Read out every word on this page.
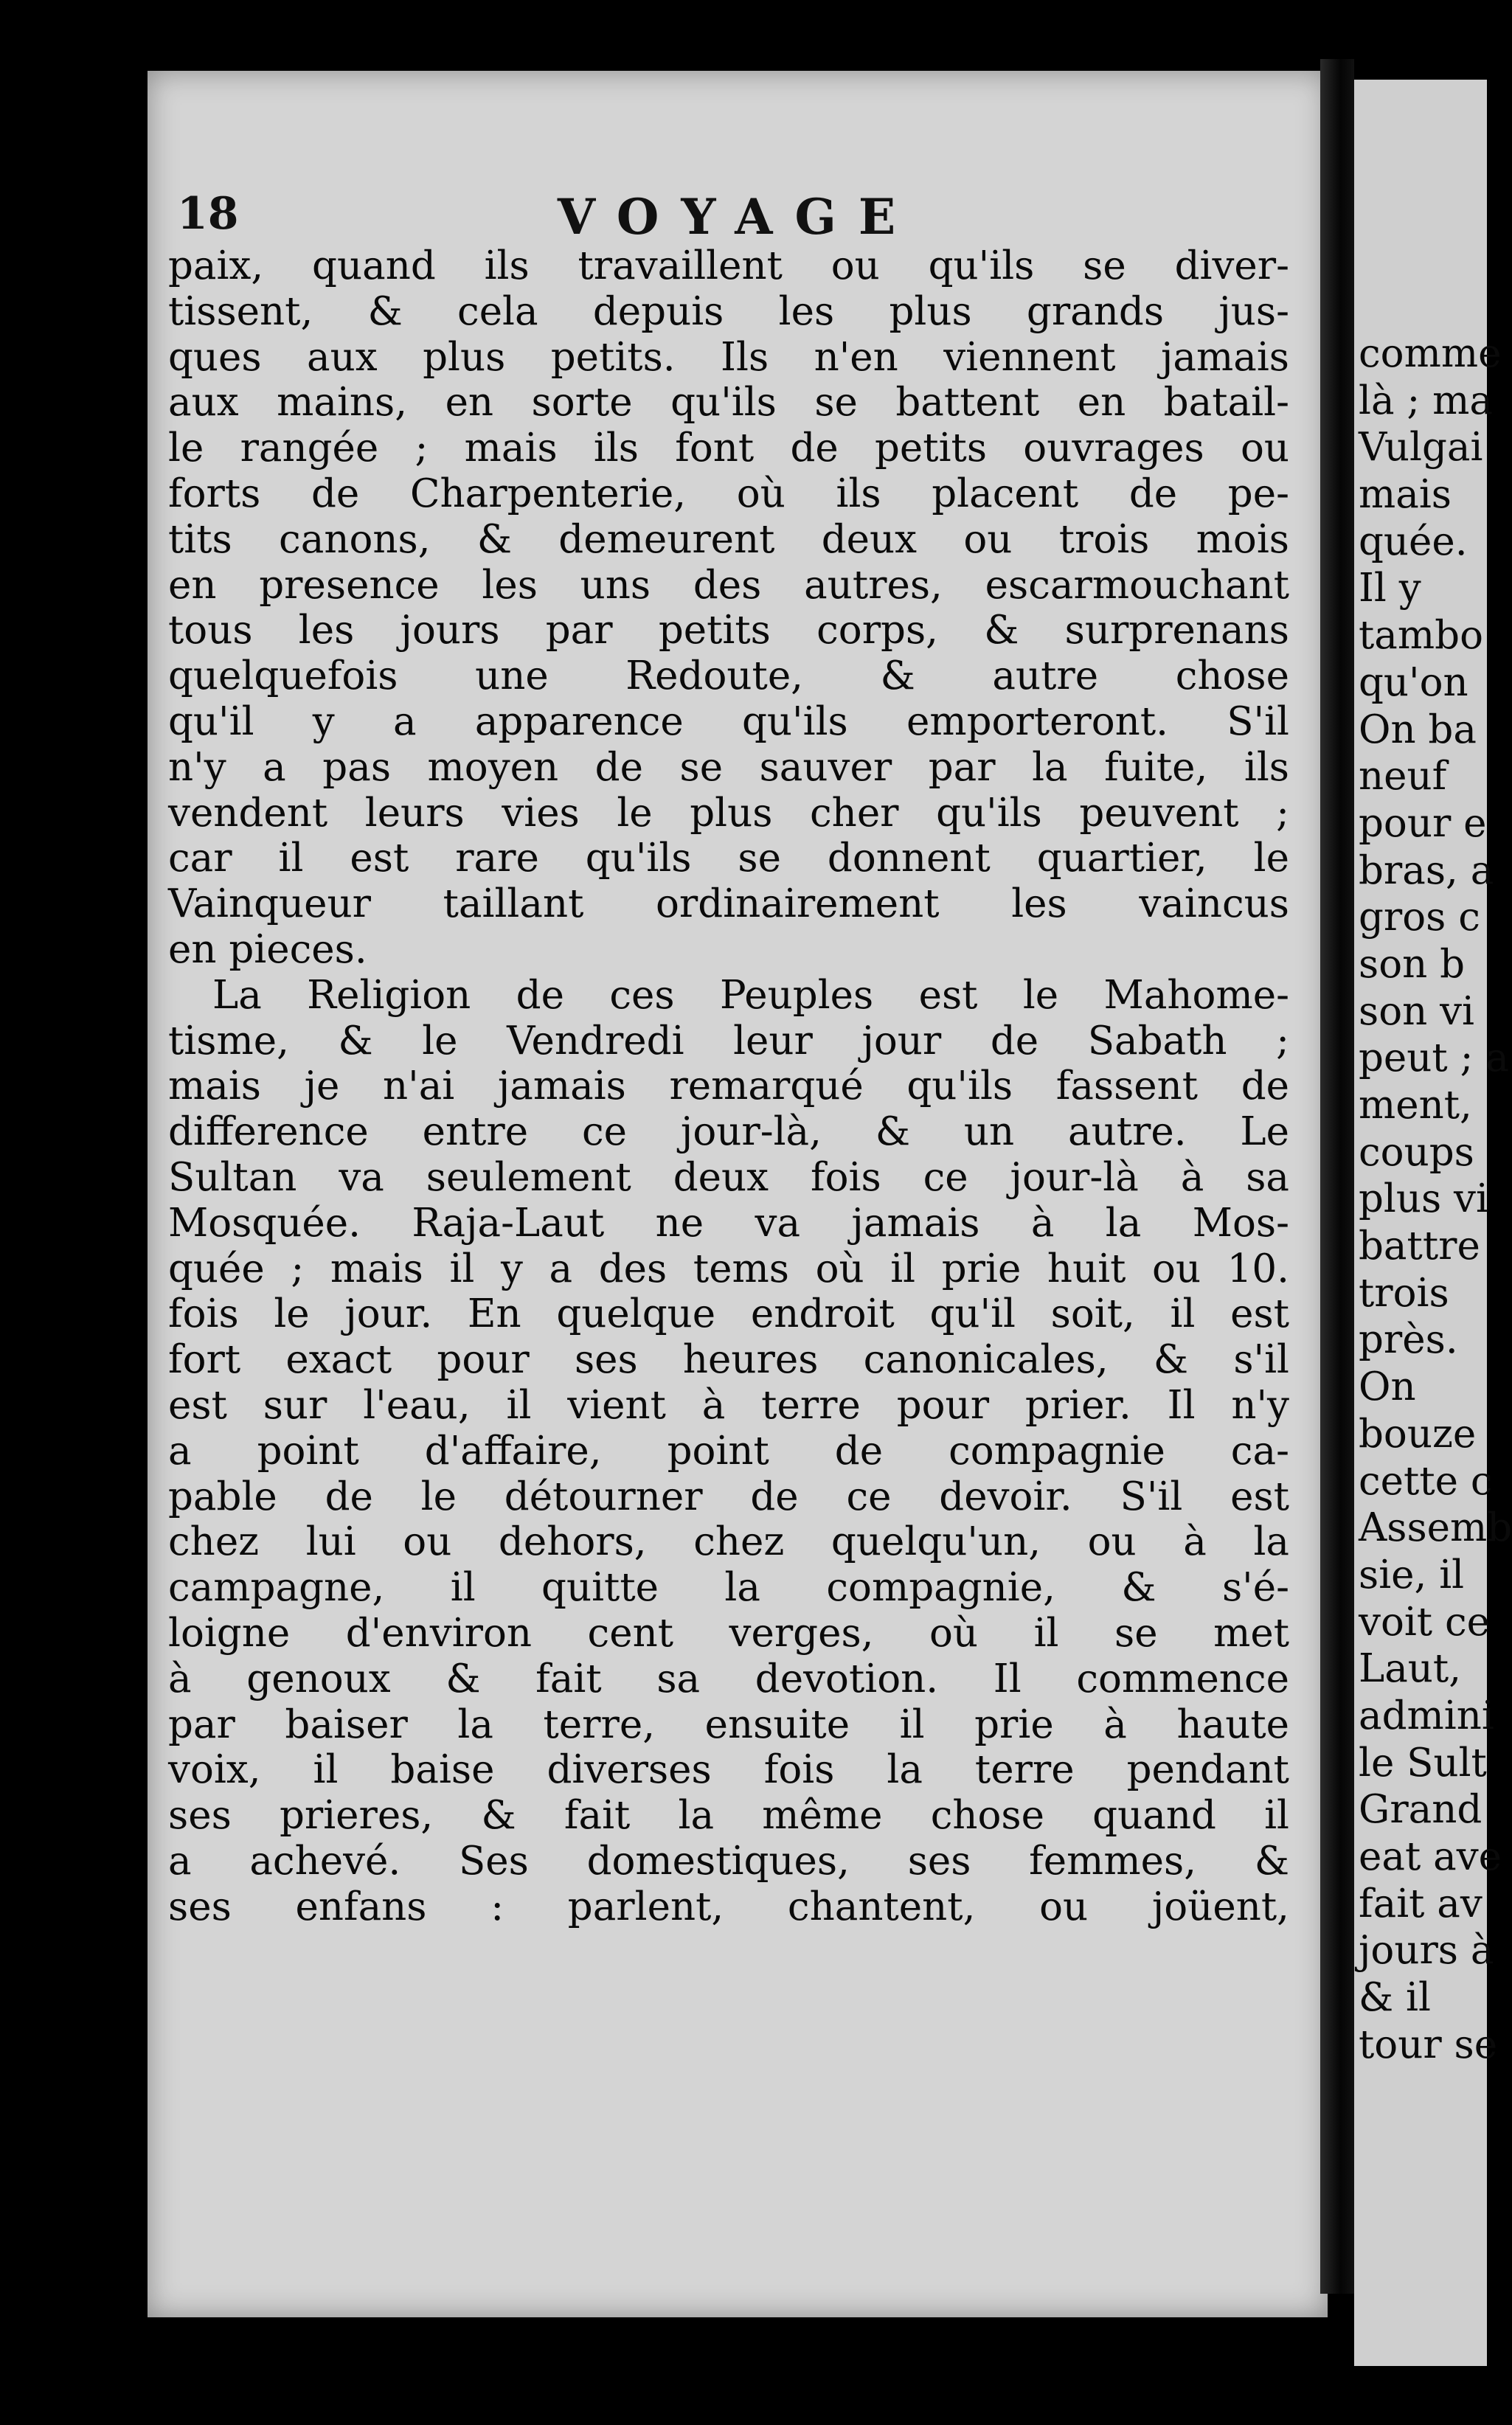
comme
là ; ma
Vulgai
mais
quée.
Il y
tambo
qu'on
On ba
neuf
pour e
bras, a
gros c
son b
son vi
peut ; a
ment,
coups
plus vi
battre
trois
près.
On
bouze
cette c
Assemb
sie, il
voit ce
Laut,
admini
le Sult
Grand
eat ave
fait av
jours à
& il
tour se
18	VOYAGE
paix, quand ils travaillent ou qu'ils se diver-
tissent, & cela depuis les plus grands jus-
ques aux plus petits. Ils n'en viennent jamais
aux mains, en sorte qu'ils se battent en batail-
le rangée ; mais ils font de petits ouvrages ou
forts de Charpenterie, où ils placent de pe-
tits canons, & demeurent deux ou trois mois
en presence les uns des autres, escarmouchant
tous les jours par petits corps, & surprenans
quelquefois une Redoute, & autre chose
qu'il y a apparence qu'ils emporteront. S'il
n'y a pas moyen de se sauver par la fuite, ils
vendent leurs vies le plus cher qu'ils peuvent ;
car il est rare qu'ils se donnent quartier, le
Vainqueur taillant ordinairement les vaincus
en pieces.
La Religion de ces Peuples est le Mahome-
tisme, & le Vendredi leur jour de Sabath ;
mais je n'ai jamais remarqué qu'ils fassent de
difference entre ce jour-là, & un autre. Le
Sultan va seulement deux fois ce jour-là à sa
Mosquée. Raja-Laut ne va jamais à la Mos-
quée ; mais il y a des tems où il prie huit ou 10.
fois le jour. En quelque endroit qu'il soit, il est
fort exact pour ses heures canonicales, & s'il
est sur l'eau, il vient à terre pour prier. Il n'y
a point d'affaire, point de compagnie ca-
pable de le détourner de ce devoir. S'il est
chez lui ou dehors, chez quelqu'un, ou à la
campagne, il quitte la compagnie, & s'é-
loigne d'environ cent verges, où il se met
à genoux & fait sa devotion. Il commence
par baiser la terre, ensuite il prie à haute
voix, il baise diverses fois la terre pendant
ses prieres, & fait la même chose quand il
a achevé. Ses domestiques, ses femmes, &
ses enfans : parlent, chantent, ou joüent,
